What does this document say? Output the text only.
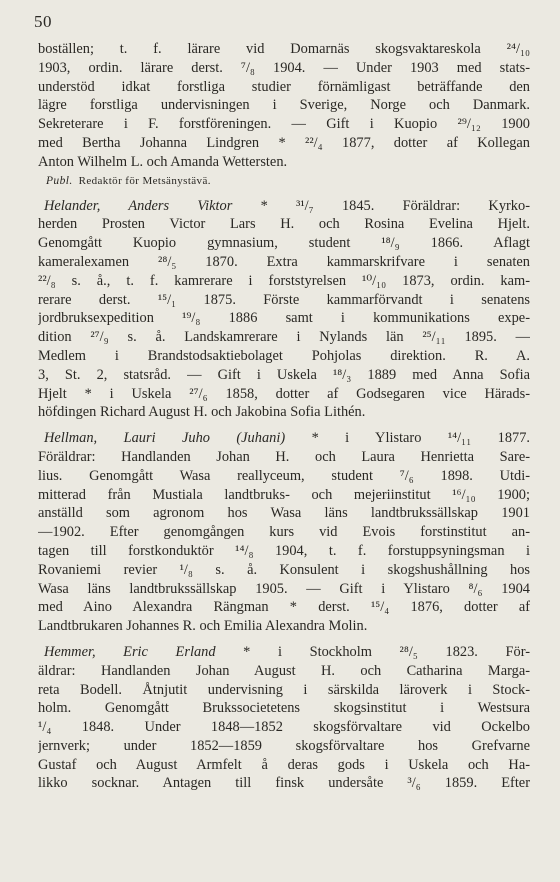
50
boställen; t. f. lärare vid Domarnäs skogsvaktareskola ²⁴/₁₀
1903, ordin. lärare derst. ⁷/₈ 1904. — Under 1903 med stats-
understöd idkat forstliga studier förnämligast beträffande den
lägre forstliga undervisningen i Sverige, Norge och Danmark.
Sekreterare i F. forstföreningen. — Gift i Kuopio ²⁹/₁₂ 1900
med Bertha Johanna Lindgren * ²²/₄ 1877, dotter af Kollegan
Anton Wilhelm L. och Amanda Wettersten.
Publ. Redaktör för Metsänystävä.
Helander, Anders Viktor * ³¹/₇ 1845. Föräldrar: Kyrko-
herden Prosten Victor Lars H. och Rosina Evelina Hjelt.
Genomgått Kuopio gymnasium, student ¹⁸/₉ 1866. Aflagt
kameralexamen ²⁸/₅ 1870. Extra kammarskrifvare i senaten
²²/₈ s. å., t. f. kamrerare i forststyrelsen ¹⁰/₁₀ 1873, ordin. kam-
rerare derst. ¹⁵/₁ 1875. Förste kammarförvandt i senatens
jordbruksexpedition ¹⁹/₈ 1886 samt i kommunikations expe-
dition ²⁷/₉ s. å. Landskamrerare i Nylands län ²⁵/₁₁ 1895. —
Medlem i Brandstodsaktiebolaget Pohjolas direktion. R. A.
3, St. 2, statsråd. — Gift i Uskela ¹⁸/₃ 1889 med Anna Sofia
Hjelt * i Uskela ²⁷/₆ 1858, dotter af Godsegaren vice Härads-
höfdingen Richard August H. och Jakobina Sofia Lithén.
Hellman, Lauri Juho (Juhani) * i Ylistaro ¹⁴/₁₁ 1877.
Föräldrar: Handlanden Johan H. och Laura Henrietta Sare-
lius. Genomgått Wasa reallyceum, student ⁷/₆ 1898. Utdi-
mitterad från Mustiala landtbruks- och mejeriinstitut ¹⁶/₁₀ 1900;
anställd som agronom hos Wasa läns landtbrukssällskap 1901
—1902. Efter genomgången kurs vid Evois forstinstitut an-
tagen till forstkonduktör ¹⁴/₈ 1904, t. f. forstuppsyningsman i
Rovaniemi revier ¹/₈ s. å. Konsulent i skogshushållning hos
Wasa läns landtbrukssällskap 1905. — Gift i Ylistaro ⁸/₆ 1904
med Aino Alexandra Rängman * derst. ¹⁵/₄ 1876, dotter af
Landtbrukaren Johannes R. och Emilia Alexandra Molin.
Hemmer, Eric Erland * i Stockholm ²⁸/₅ 1823. För-
äldrar: Handlanden Johan August H. och Catharina Marga-
reta Bodell. Åtnjutit undervisning i särskilda läroverk i Stock-
holm. Genomgått Brukssocietetens skogsinstitut i Westsura
¹/₄ 1848. Under 1848—1852 skogsförvaltare vid Ockelbo
jernverk; under 1852—1859 skogsförvaltare hos Grefvarne
Gustaf och August Armfelt å deras gods i Uskela och Ha-
likko socknar. Antagen till finsk undersåte ³/₆ 1859. Efter
